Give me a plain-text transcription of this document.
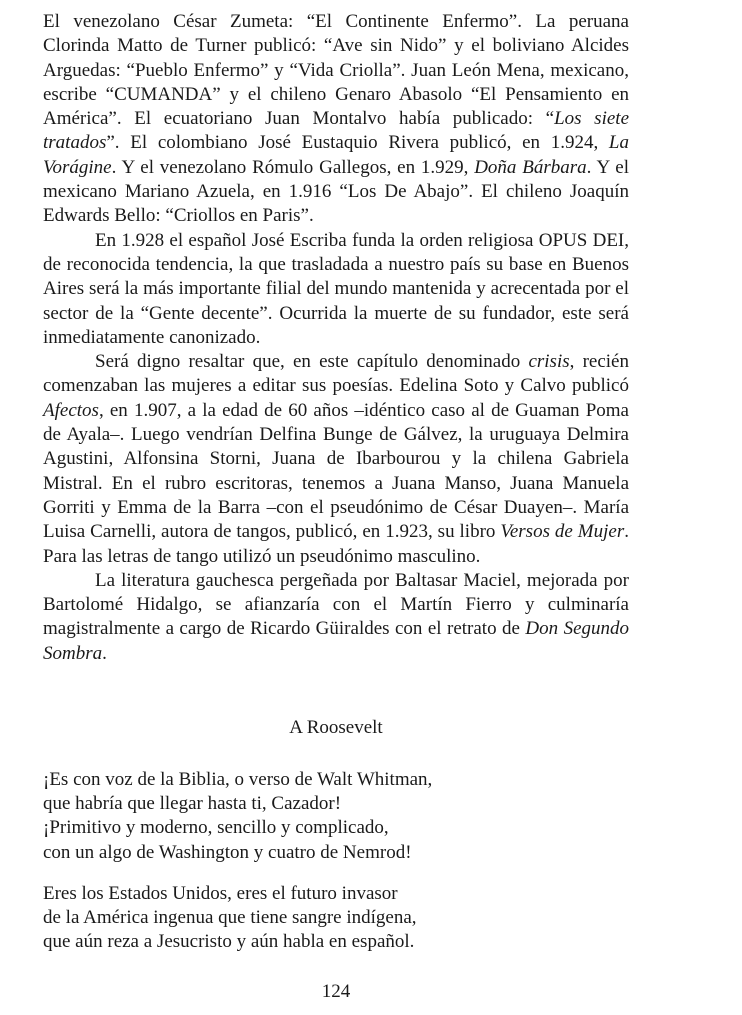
El venezolano César Zumeta: “El Continente Enfermo”. La peruana Clorinda Matto de Turner publicó: “Ave sin Nido” y el boliviano Alcides Arguedas: “Pueblo Enfermo” y “Vida Criolla”. Juan León Mena, mexicano, escribe “CUMANDA” y el chileno Genaro Abasolo “El Pensamiento en América”. El ecuatoriano Juan Montalvo había publicado: “Los siete tratados”. El colombiano José Eustaquio Rivera publicó, en 1.924, La Vorágine. Y el venezolano Rómulo Gallegos, en 1.929, Doña Bárbara. Y el mexicano Mariano Azuela, en 1.916 “Los De Abajo”. El chileno Joaquín Edwards Bello: “Criollos en Paris”.

En 1.928 el español José Escriba funda la orden religiosa OPUS DEI, de reconocida tendencia, la que trasladada a nuestro país su base en Buenos Aires será la más importante filial del mundo mantenida y acrecentada por el sector de la “Gente decente”. Ocurrida la muerte de su fundador, este será inmediatamente canonizado.

Será digno resaltar que, en este capítulo denominado crisis, recién comenzaban las mujeres a editar sus poesías. Edelina Soto y Calvo publicó Afectos, en 1.907, a la edad de 60 años –idéntico caso al de Guaman Poma de Ayala–. Luego vendrían Delfina Bunge de Gálvez, la uruguaya Delmira Agustini, Alfonsina Storni, Juana de Ibarbourou y la chilena Gabriela Mistral. En el rubro escritoras, tenemos a Juana Manso, Juana Manuela Gorriti y Emma de la Barra –con el pseudónimo de César Duayen–. María Luisa Carnelli, autora de tangos, publicó, en 1.923, su libro Versos de Mujer. Para las letras de tango utilizó un pseudónimo masculino.

La literatura gauchesca pergeñada por Baltasar Maciel, mejorada por Bartolomé Hidalgo, se afianzaría con el Martín Fierro y culminaría magistralmente a cargo de Ricardo Güiraldes con el retrato de Don Segundo Sombra.

A Roosevelt

¡Es con voz de la Biblia, o verso de Walt Whitman,
que habría que llegar hasta ti, Cazador!
¡Primitivo y moderno, sencillo y complicado,
con un algo de Washington y cuatro de Nemrod!
Eres los Estados Unidos, eres el futuro invasor
de la América ingenua que tiene sangre indígena,
que aún reza a Jesucristo y aún habla en español.

124
